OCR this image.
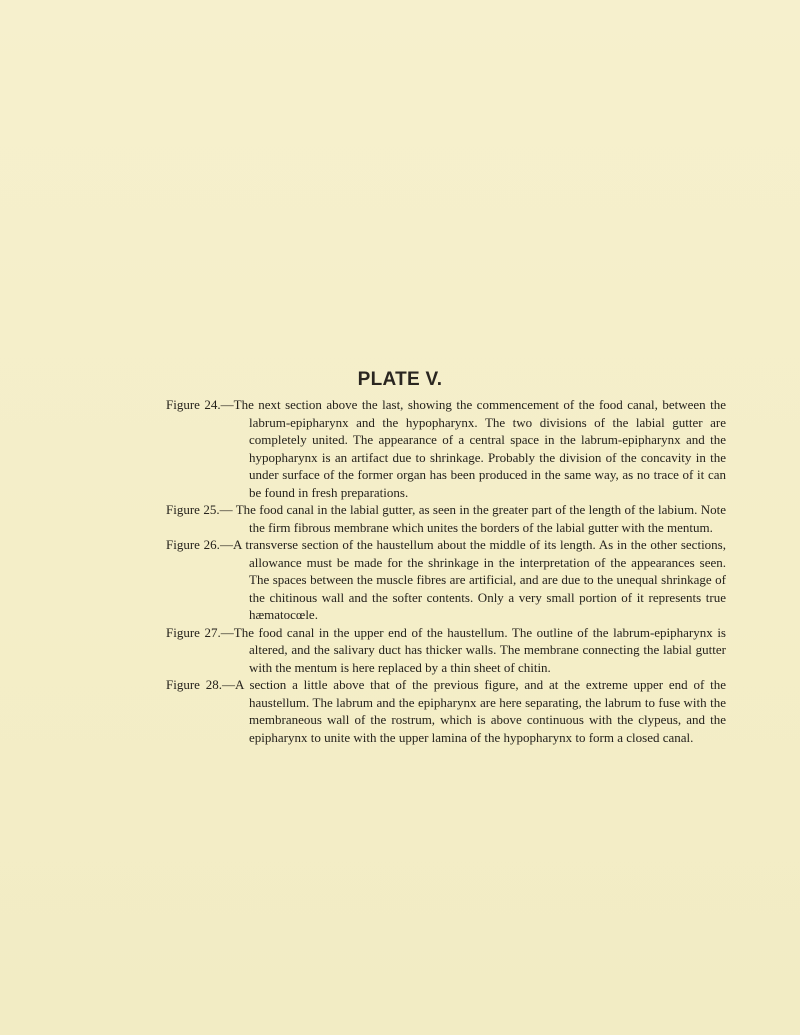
PLATE V.

Figure 24.—The next section above the last, showing the commencement of the food canal, between the labrum-epipharynx and the hypopharynx. The two divisions of the labial gutter are completely united. The appearance of a central space in the labrum-epipharynx and the hypopharynx is an artifact due to shrinkage. Probably the division of the concavity in the under surface of the former organ has been produced in the same way, as no trace of it can be found in fresh preparations.

Figure 25.— The food canal in the labial gutter, as seen in the greater part of the length of the labium. Note the firm fibrous membrane which unites the borders of the labial gutter with the mentum.

Figure 26.—A transverse section of the haustellum about the middle of its length. As in the other sections, allowance must be made for the shrinkage in the interpretation of the appearances seen. The spaces between the muscle fibres are artificial, and are due to the unequal shrinkage of the chitinous wall and the softer contents. Only a very small portion of it represents true hæmatocœle.

Figure 27.—The food canal in the upper end of the haustellum. The outline of the labrum-epipharynx is altered, and the salivary duct has thicker walls. The membrane connecting the labial gutter with the mentum is here replaced by a thin sheet of chitin.

Figure 28.—A section a little above that of the previous figure, and at the extreme upper end of the haustellum. The labrum and the epipharynx are here separating, the labrum to fuse with the membraneous wall of the rostrum, which is above continuous with the clypeus, and the epipharynx to unite with the upper lamina of the hypopharynx to form a closed canal.
